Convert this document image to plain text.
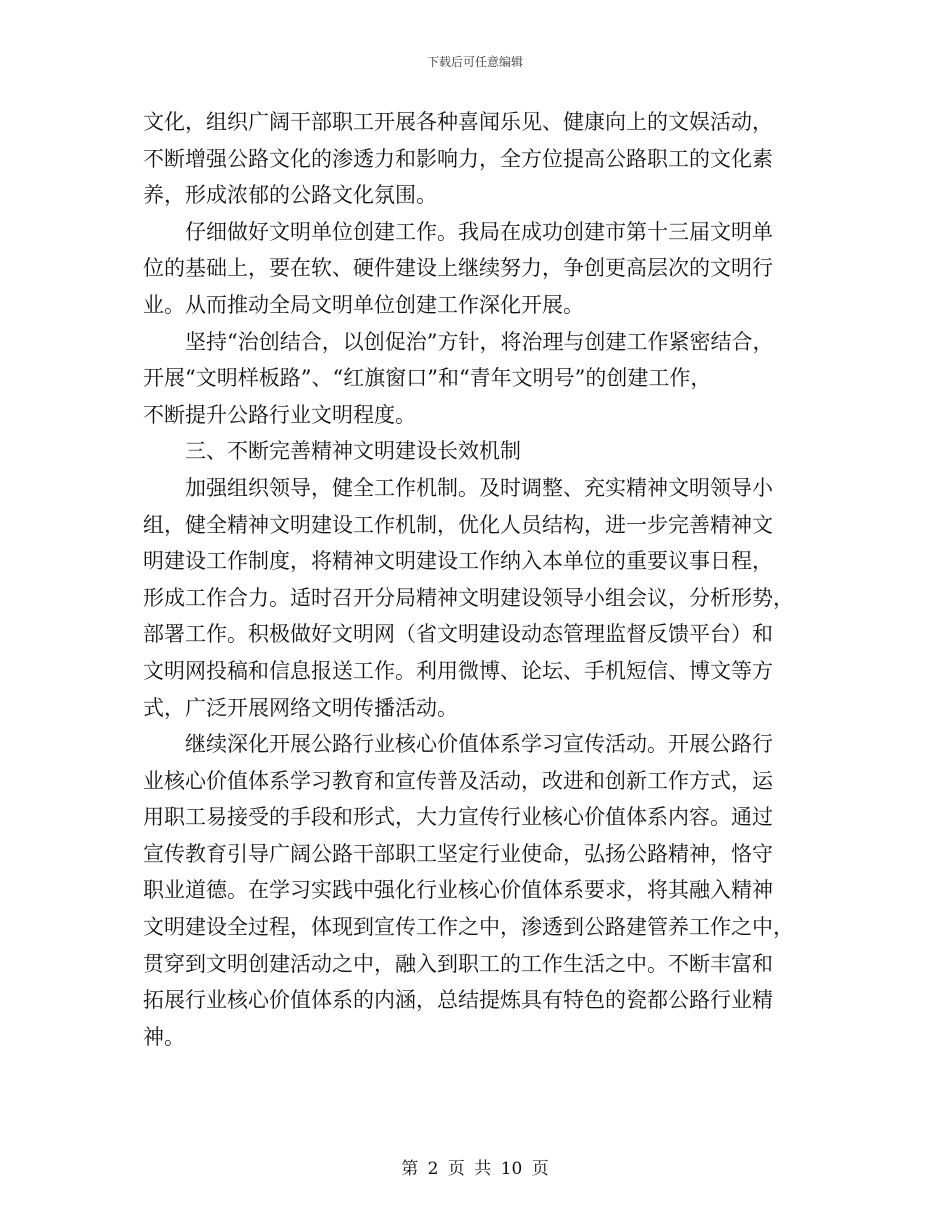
下载后可任意编辑
文化，组织广阔干部职工开展各种喜闻乐见、健康向上的文娱活动，
不断增强公路文化的渗透力和影响力，全方位提高公路职工的文化素
养，形成浓郁的公路文化氛围。
仔细做好文明单位创建工作。我局在成功创建市第十三届文明单
位的基础上，要在软、硬件建设上继续努力，争创更高层次的文明行
业。从而推动全局文明单位创建工作深化开展。
坚持“治创结合，以创促治”方针，将治理与创建工作紧密结合，
开展“文明样板路”、“红旗窗口”和“青年文明号”的创建工作，
不断提升公路行业文明程度。
三、不断完善精神文明建设长效机制
加强组织领导，健全工作机制。及时调整、充实精神文明领导小
组，健全精神文明建设工作机制，优化人员结构，进一步完善精神文
明建设工作制度，将精神文明建设工作纳入本单位的重要议事日程，
形成工作合力。适时召开分局精神文明建设领导小组会议，分析形势，
部署工作。积极做好文明网（省文明建设动态管理监督反馈平台）和
文明网投稿和信息报送工作。利用微博、论坛、手机短信、博文等方
式，广泛开展网络文明传播活动。
继续深化开展公路行业核心价值体系学习宣传活动。开展公路行
业核心价值体系学习教育和宣传普及活动，改进和创新工作方式，运
用职工易接受的手段和形式，大力宣传行业核心价值体系内容。通过
宣传教育引导广阔公路干部职工坚定行业使命，弘扬公路精神，恪守
职业道德。在学习实践中强化行业核心价值体系要求，将其融入精神
文明建设全过程，体现到宣传工作之中，渗透到公路建管养工作之中，
贯穿到文明创建活动之中，融入到职工的工作生活之中。不断丰富和
拓展行业核心价值体系的内涵，总结提炼具有特色的瓷都公路行业精
神。
第 2 页 共 10 页
